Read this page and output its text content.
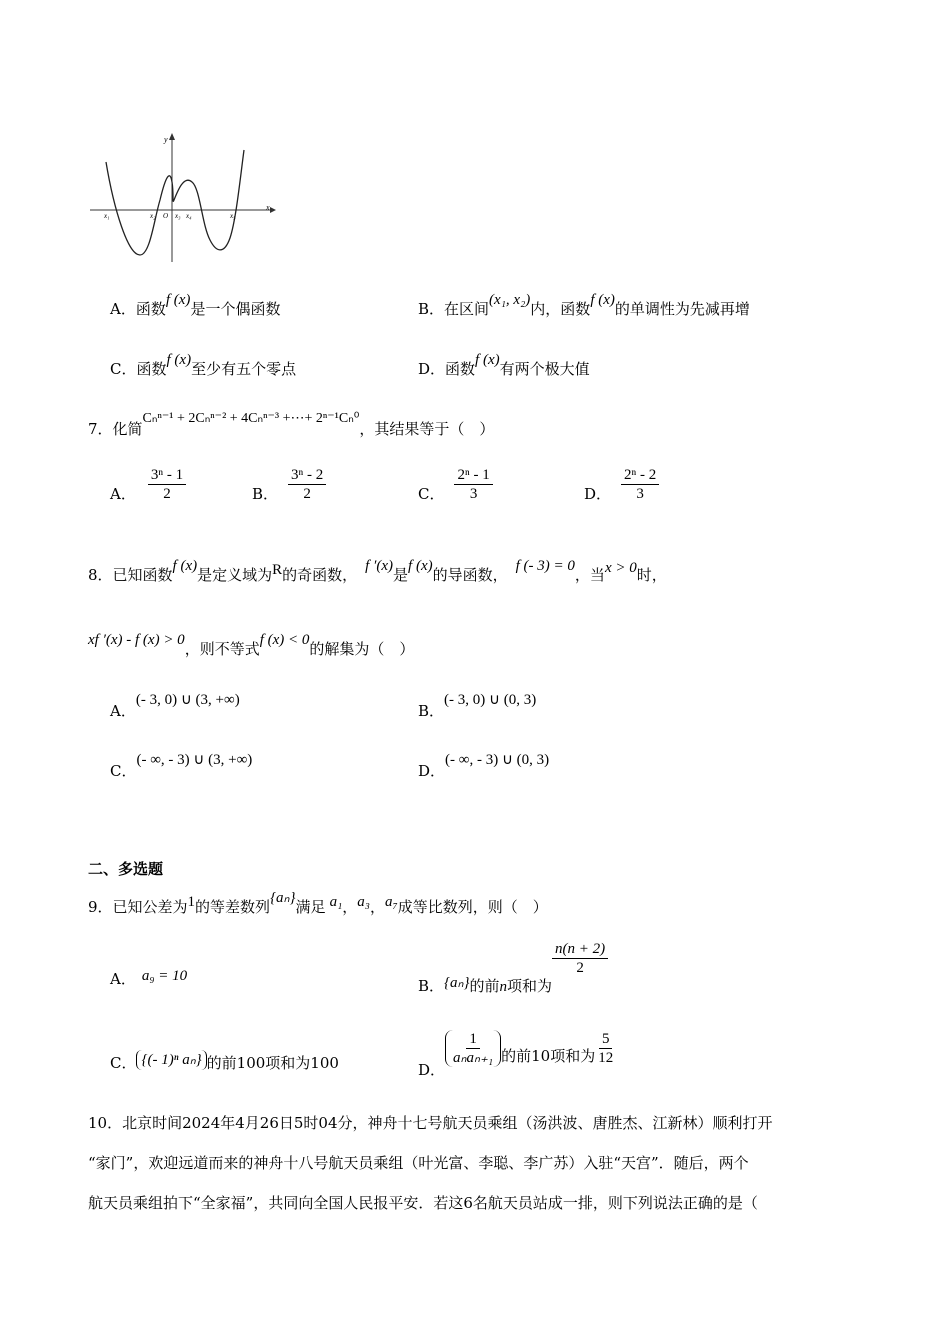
y
x
x₁	x₂ O x₃ x₄	x₅
A．函数f (x)是一个偶函数	B．在区间(x₁, x₂)内，函数f (x)的单调性为先减再增
C．函数f (x)至少有五个零点	D．函数f (x)有两个极大值
7．化简Cₙⁿ⁻¹ + 2Cₙⁿ⁻² + 4Cₙⁿ⁻³ +⋯+ 2ⁿ⁻¹Cₙ⁰，其结果等于（　）
A． $\frac{\text{3ⁿ - 1}}{2}$	B． $\frac{\text{3ⁿ - 2}}{2}$	C． $\frac{\text{2ⁿ - 1}}{3}$	D． $\frac{\text{2ⁿ - 2}}{3}$
8．已知函数f (x)是定义域为R的奇函数， f ′(x)是f (x)的导函数， f (- 3) = 0，当x > 0时，
xf ′(x) - f (x) > 0，则不等式f (x) < 0的解集为（　）
A．(- 3, 0) ∪ (3, +∞)
B．(- 3, 0) ∪ (0, 3)
C．(- ∞, - 3) ∪ (3, +∞)
D．(- ∞, - 3) ∪ (0, 3)
二、多选题
9．已知公差为1的等差数列{aₙ}满足 a₁，a₃，a₇成等比数列，则（　）
A． a₉ = 10
B．{aₙ}的前n项和为
$\frac{n(n + 2)}{2}$
C． {(- 1)ⁿ aₙ} 的前100项和为100	D．
$\frac{1}{\text{aₙaₙ₊₁}}$ 的前10项和为 $\frac{5}{12}$
10．北京时间2024年4月26日5时04分，神舟十七号航天员乘组（汤洪波、唐胜杰、江新林）顺利打开
“家门”，欢迎远道而来的神舟十八号航天员乘组（叶光富、李聪、李广苏）入驻“天宫”．随后，两个
航天员乘组拍下“全家福”，共同向全国人民报平安．若这6名航天员站成一排，则下列说法正确的是（
